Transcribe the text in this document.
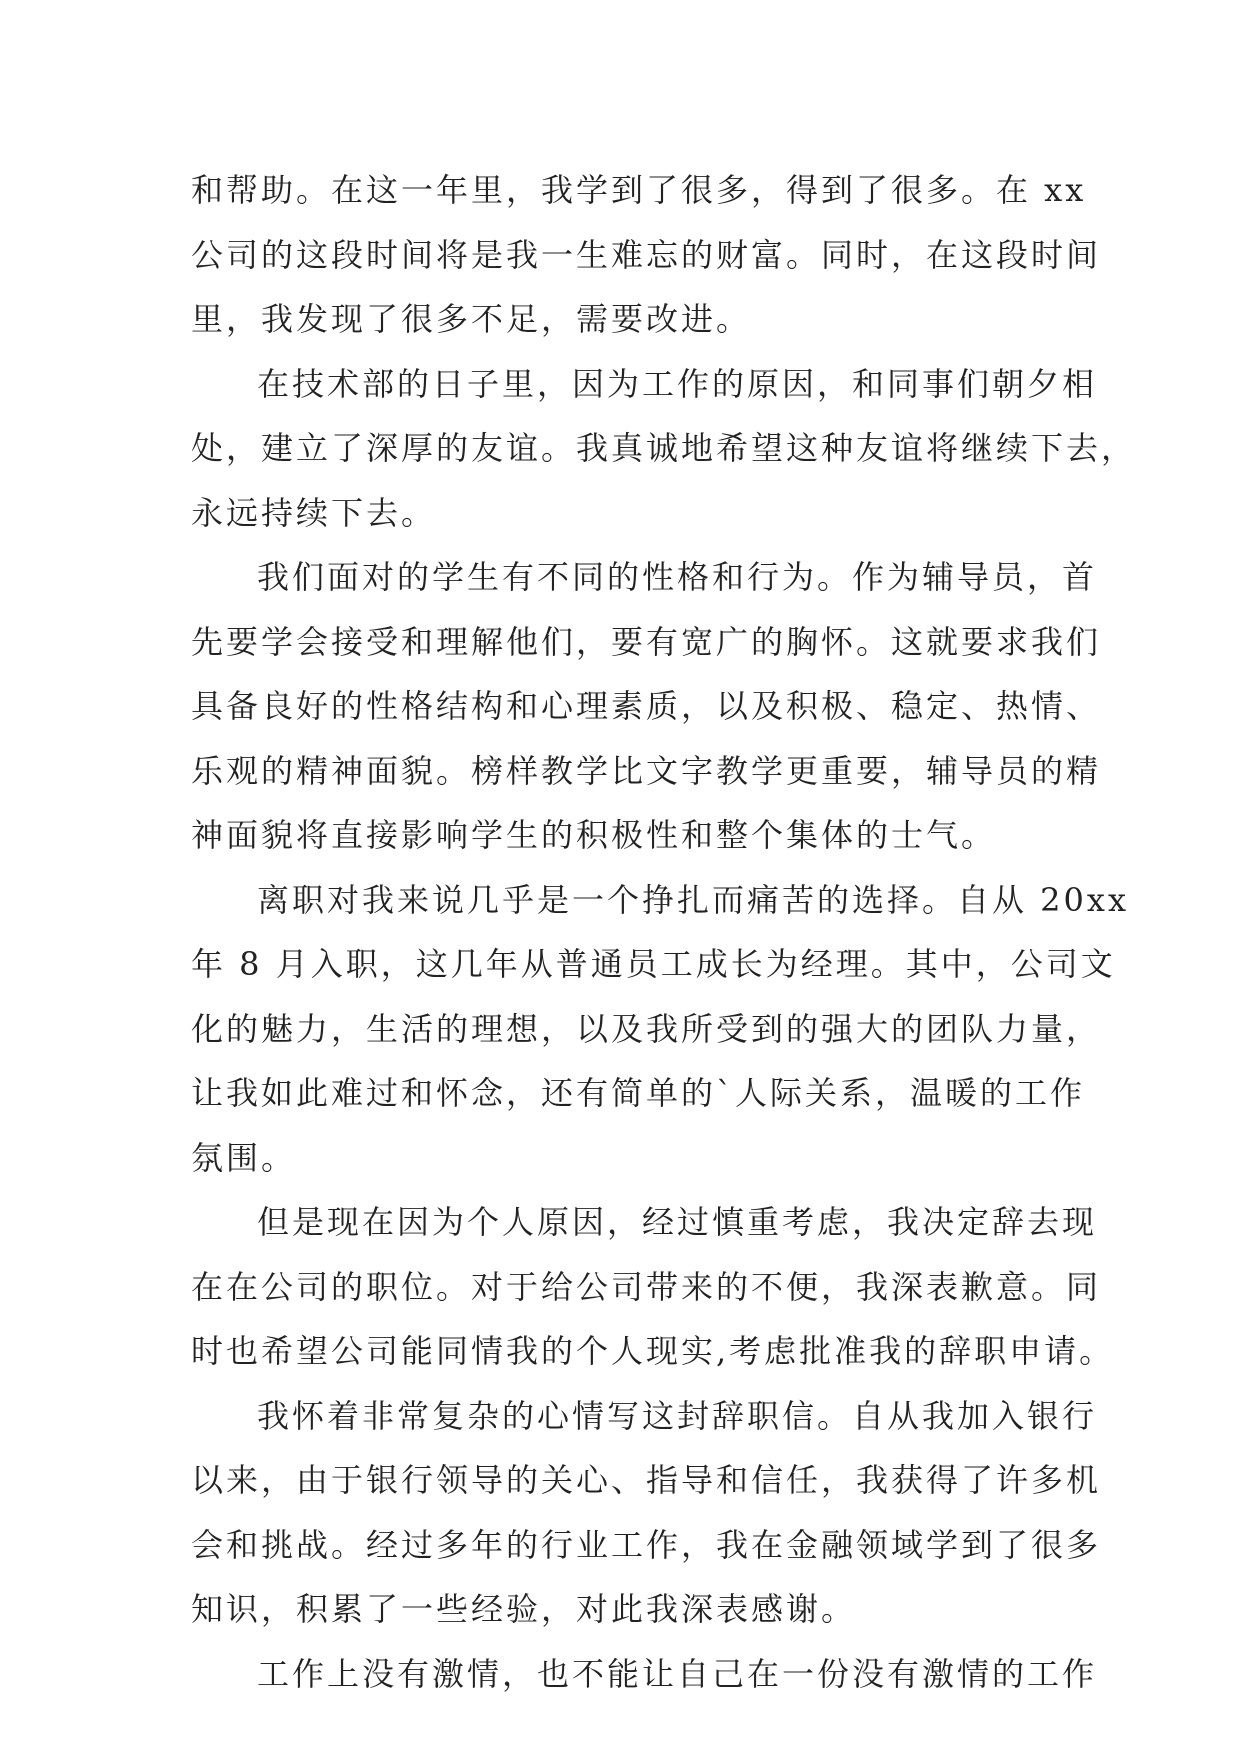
和帮助。在这一年里，我学到了很多，得到了很多。在 xx
公司的这段时间将是我一生难忘的财富。同时，在这段时间
里，我发现了很多不足，需要改进。
在技术部的日子里，因为工作的原因，和同事们朝夕相
处，建立了深厚的友谊。我真诚地希望这种友谊将继续下去，
永远持续下去。
我们面对的学生有不同的性格和行为。作为辅导员，首
先要学会接受和理解他们，要有宽广的胸怀。这就要求我们
具备良好的性格结构和心理素质，以及积极、稳定、热情、
乐观的精神面貌。榜样教学比文字教学更重要，辅导员的精
神面貌将直接影响学生的积极性和整个集体的士气。
离职对我来说几乎是一个挣扎而痛苦的选择。自从 20xx
年 8 月入职，这几年从普通员工成长为经理。其中，公司文
化的魅力，生活的理想，以及我所受到的强大的团队力量，
让我如此难过和怀念，还有简单的`人际关系，温暖的工作
氛围。
但是现在因为个人原因，经过慎重考虑，我决定辞去现
在在公司的职位。对于给公司带来的不便，我深表歉意。同
时也希望公司能同情我的个人现实,考虑批准我的辞职申请。
我怀着非常复杂的心情写这封辞职信。自从我加入银行
以来，由于银行领导的关心、指导和信任，我获得了许多机
会和挑战。经过多年的行业工作，我在金融领域学到了很多
知识，积累了一些经验，对此我深表感谢。
工作上没有激情，也不能让自己在一份没有激情的工作
